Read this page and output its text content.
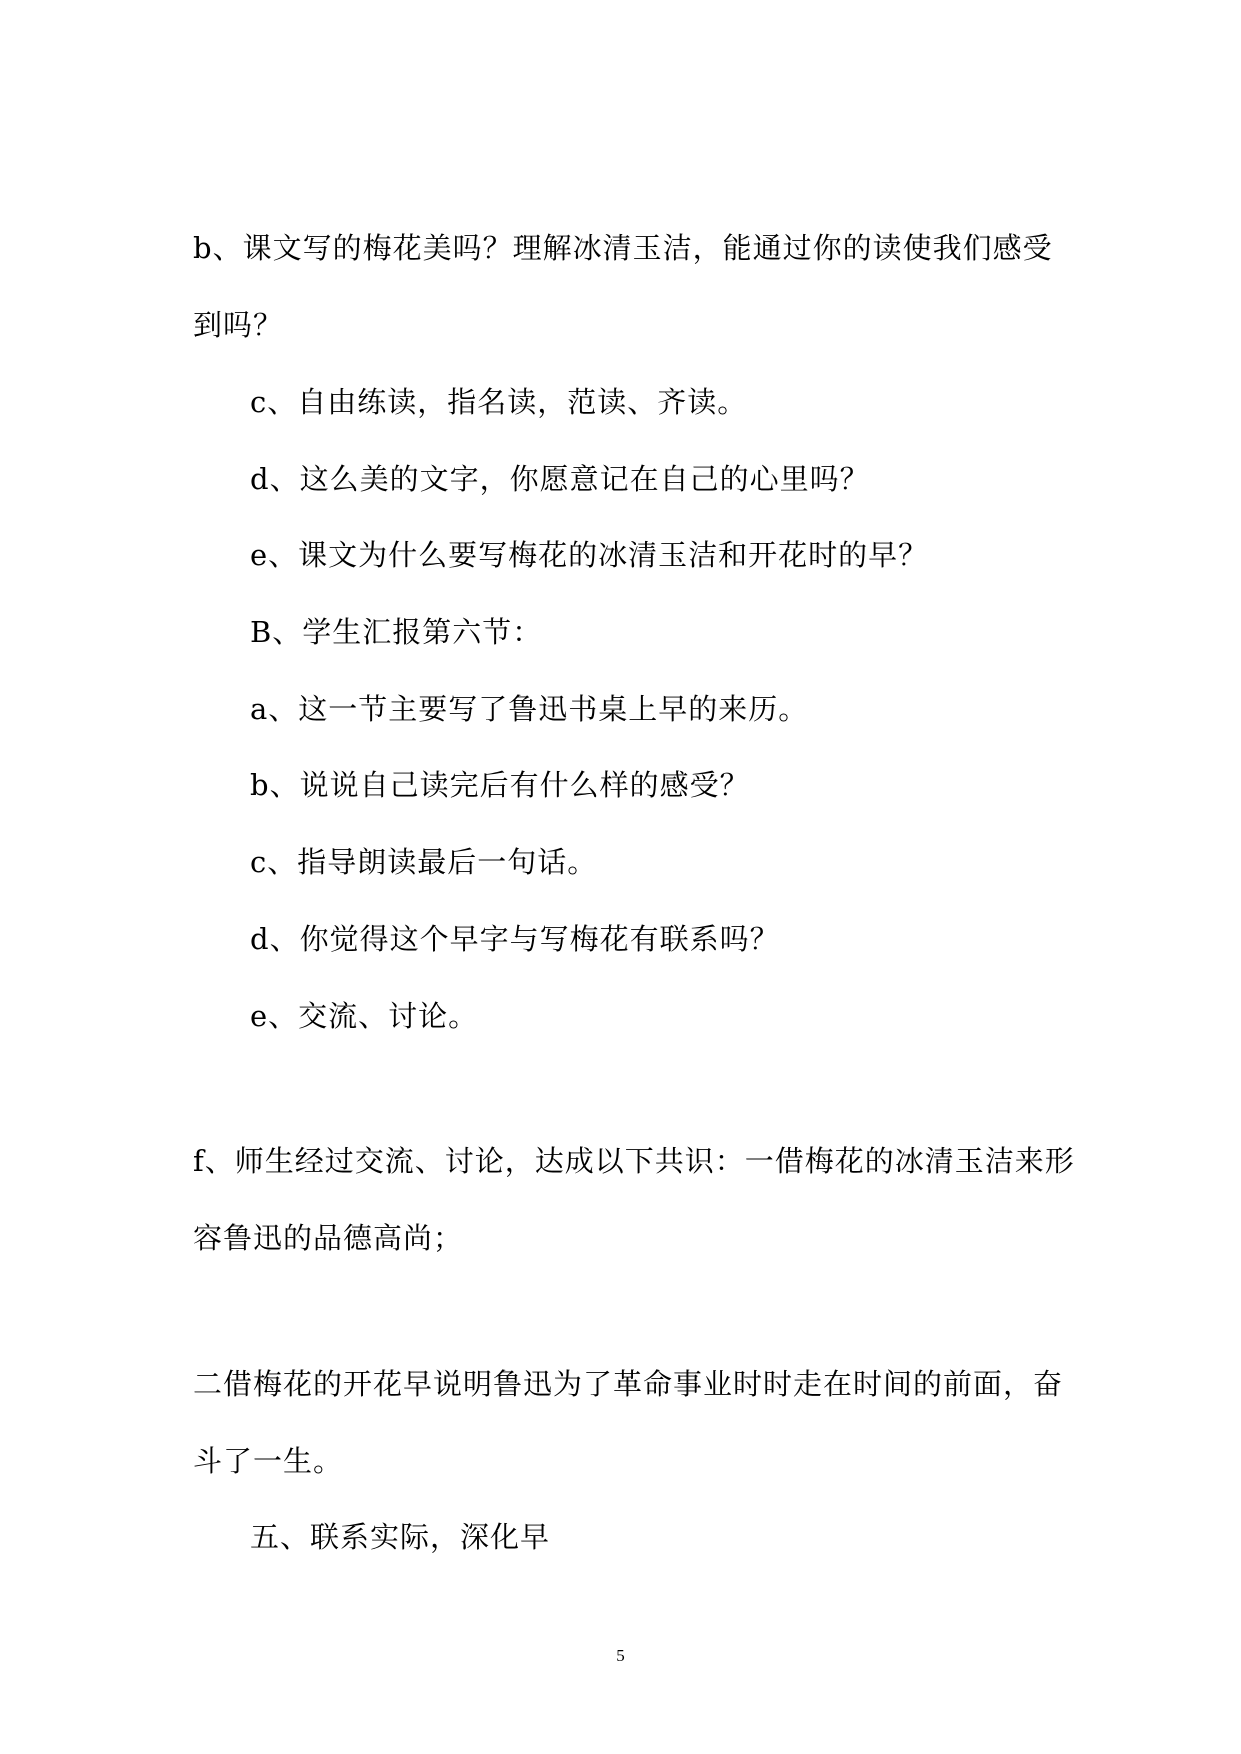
b、课文写的梅花美吗？理解冰清玉洁，能通过你的读使我们感受
到吗？
c、自由练读，指名读，范读、齐读。
d、这么美的文字，你愿意记在自己的心里吗？
e、课文为什么要写梅花的冰清玉洁和开花时的早？
B、学生汇报第六节：
a、这一节主要写了鲁迅书桌上早的来历。
b、说说自己读完后有什么样的感受？
c、指导朗读最后一句话。
d、你觉得这个早字与写梅花有联系吗？
e、交流、讨论。
f、师生经过交流、讨论，达成以下共识：一借梅花的冰清玉洁来形
容鲁迅的品德高尚；
二借梅花的开花早说明鲁迅为了革命事业时时走在时间的前面，奋
斗了一生。
五、联系实际，深化早
5
